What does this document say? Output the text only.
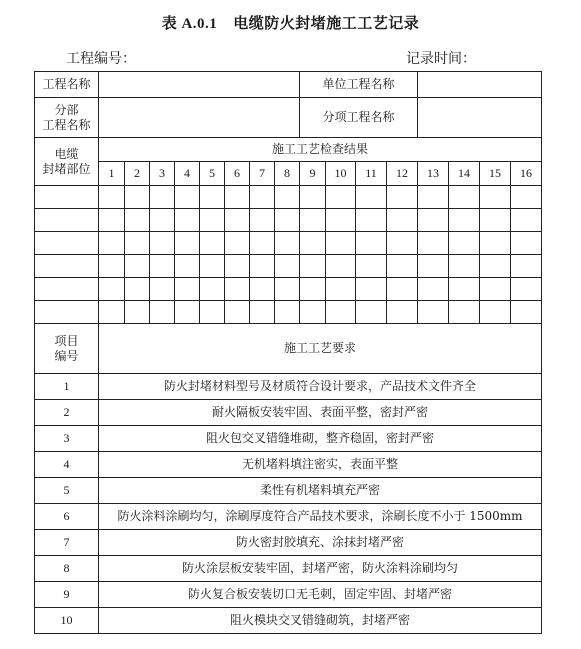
表 A.0.1 电缆防火封堵施工工艺记录
工程编号：	记录时间：
工程名称									单位工程名称							

分部
工程名称									分项工程名称							

电缆
封堵部位	施工工艺检查结果															
	1	2	3	4	5	6	7	8	9	10	11	12	13	14	15	16

项目
编号	施工工艺要求															
1	防火封堵材料型号及材质符合设计要求，产品技术文件齐全															
2	耐火隔板安装牢固、表面平整，密封严密															
3	阻火包交叉错缝堆砌，整齐稳固，密封严密															
4	无机堵料填注密实，表面平整															
5	柔性有机堵料填充严密															
6	防火涂料涂刷均匀，涂刷厚度符合产品技术要求，涂刷长度不小于 1500mm															
7	防火密封胶填充、涂抹封堵严密															
8	防火涂层板安装牢固，封堵严密，防火涂料涂刷均匀															
9	防火复合板安装切口无毛刺，固定牢固、封堵严密															
10	阻火模块交叉错缝砌筑，封堵严密															
